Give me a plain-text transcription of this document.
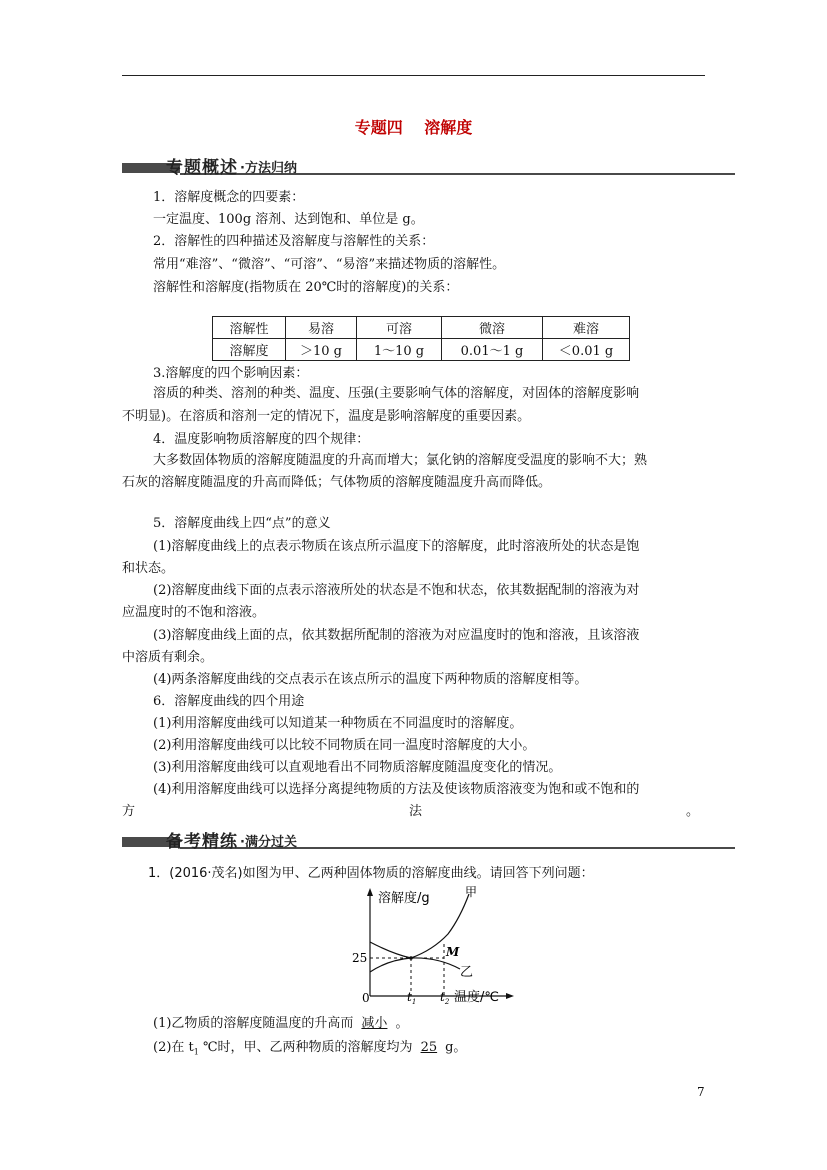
专题四 溶解度
专题概述 ·方法归纳
1．溶解度概念的四要素：
一定温度、100g 溶剂、达到饱和、单位是 g。
2．溶解性的四种描述及溶解度与溶解性的关系：
常用“难溶”、“微溶”、“可溶”、“易溶”来描述物质的溶解性。
溶解性和溶解度(指物质在 20℃时的溶解度)的关系：
溶解性	易溶	可溶	微溶	难溶
溶解度	＞10 g	1～10 g	0.01～1 g	＜0.01 g
3.溶解度的四个影响因素：
溶质的种类、溶剂的种类、温度、压强(主要影响气体的溶解度，对固体的溶解度影响
不明显)。在溶质和溶剂一定的情况下，温度是影响溶解度的重要因素。
4．温度影响物质溶解度的四个规律：
大多数固体物质的溶解度随温度的升高而增大；氯化钠的溶解度受温度的影响不大；熟
石灰的溶解度随温度的升高而降低；气体物质的溶解度随温度升高而降低。
5．溶解度曲线上四“点”的意义
(1)溶解度曲线上的点表示物质在该点所示温度下的溶解度，此时溶液所处的状态是饱
和状态。
(2)溶解度曲线下面的点表示溶液所处的状态是不饱和状态，依其数据配制的溶液为对
应温度时的不饱和溶液。
(3)溶解度曲线上面的点，依其数据所配制的溶液为对应温度时的饱和溶液，且该溶液
中溶质有剩余。
(4)两条溶解度曲线的交点表示在该点所示的温度下两种物质的溶解度相等。
6．溶解度曲线的四个用途
(1)利用溶解度曲线可以知道某一种物质在不同温度时的溶解度。
(2)利用溶解度曲线可以比较不同物质在同一温度时溶解度的大小。
(3)利用溶解度曲线可以直观地看出不同物质溶解度随温度变化的情况。
(4)利用溶解度曲线可以选择分离提纯物质的方法及使该物质溶液变为饱和或不饱和的
方	法	。
备考精练 ·满分过关
1．(2016·茂名)如图为甲、乙两种固体物质的溶解度曲线。请回答下列问题：
溶解度/g
25
0	$t_1$ $t_2$ 温度/℃
甲
乙
M
(1)乙物质的溶解度随温度的升高而 减小 。
(2)在 $t_1$ ℃时，甲、乙两种物质的溶解度均为 25 g。
7
